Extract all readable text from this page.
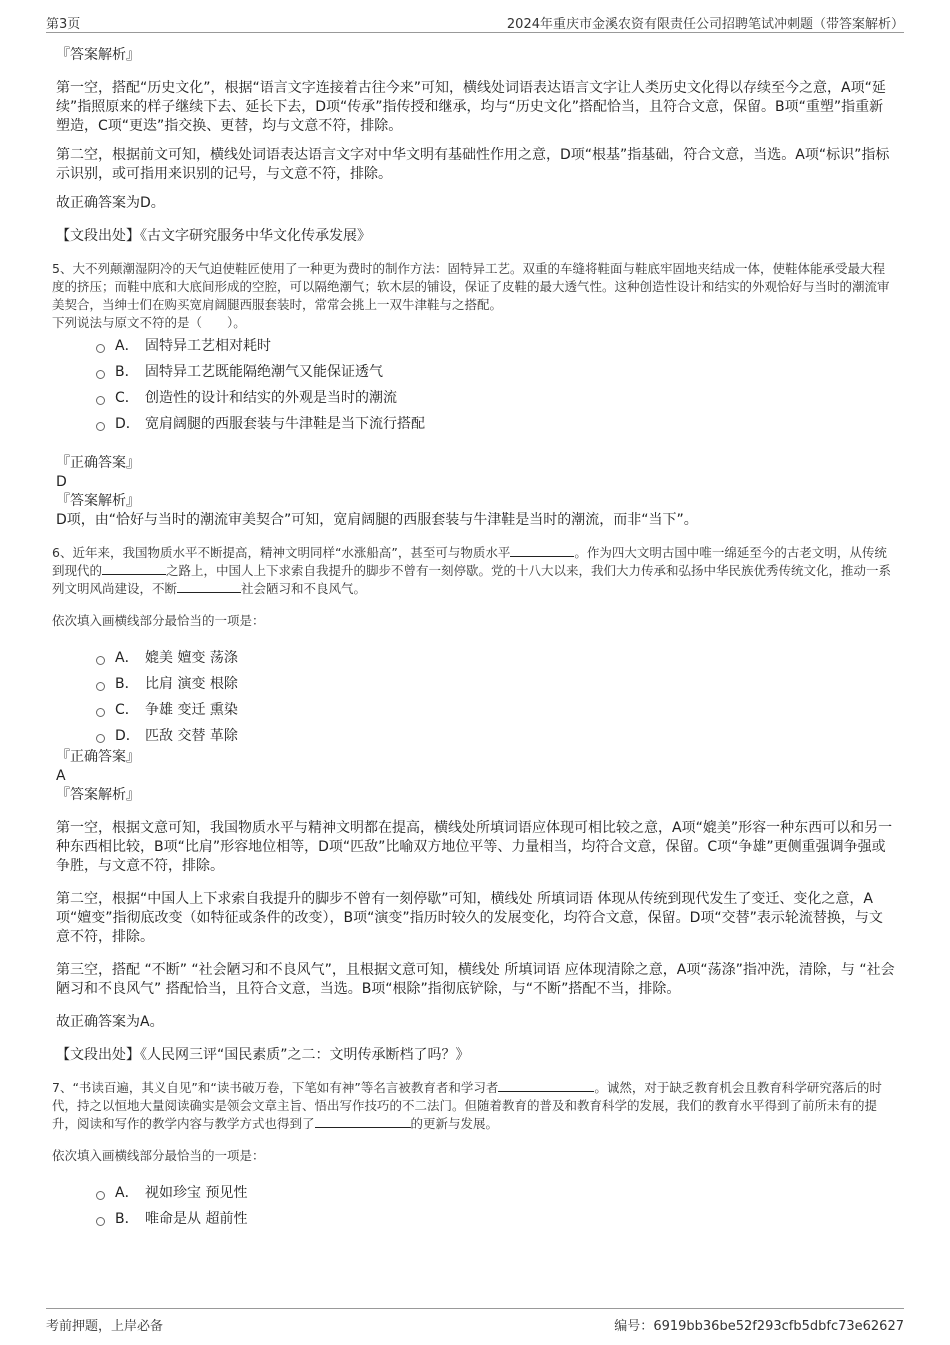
第3页	2024年重庆市金溪农资有限责任公司招聘笔试冲刺题（带答案解析）

『答案解析』

第一空，搭配“历史文化”，根据“语言文字连接着古往今来”可知，横线处词语表达语言文字让人类历史文化得以存续至今之意，A项“延续”指照原来的样子继续下去、延长下去，D项“传承”指传授和继承，均与“历史文化”搭配恰当，且符合文意，保留。B项“重塑”指重新塑造，C项“更迭”指交换、更替，均与文意不符，排除。

第二空，根据前文可知，横线处词语表达语言文字对中华文明有基础性作用之意，D项“根基”指基础，符合文意，当选。A项“标识”指标示识别，或可指用来识别的记号，与文意不符，排除。

故正确答案为D。

【文段出处】《古文字研究服务中华文化传承发展》

5、大不列颠潮湿阴冷的天气迫使鞋匠使用了一种更为费时的制作方法：固特异工艺。双重的车缝将鞋面与鞋底牢固地夹结成一体，使鞋体能承受最大程度的挤压；而鞋中底和大底间形成的空腔，可以隔绝潮气；软木层的铺设，保证了皮鞋的最大透气性。这种创造性设计和结实的外观恰好与当时的潮流审美契合，当绅士们在购买宽肩阔腿西服套装时，常常会挑上一双牛津鞋与之搭配。

下列说法与原文不符的是（　　）。

A． 固特异工艺相对耗时
B． 固特异工艺既能隔绝潮气又能保证透气
C． 创造性的设计和结实的外观是当时的潮流
D． 宽肩阔腿的西服套装与牛津鞋是当下流行搭配

『正确答案』

D

『答案解析』

D项，由“恰好与当时的潮流审美契合”可知，宽肩阔腿的西服套装与牛津鞋是当时的潮流，而非“当下”。

6、近年来，我国物质水平不断提高，精神文明同样“水涨船高”，甚至可与物质水平	。作为四大文明古国中唯一绵延至今的古老文明，从传统到现代的	之路上，中国人上下求索自我提升的脚步不曾有一刻停歇。党的十八大以来，我们大力传承和弘扬中华民族优秀传统文化，推动一系列文明风尚建设，不断	社会陋习和不良风气。

依次填入画横线部分最恰当的一项是：

A． 媲美 嬗变 荡涤
B． 比肩 演变 根除
C． 争雄 变迁 熏染
D． 匹敌 交替 革除

『正确答案』

A

『答案解析』

第一空，根据文意可知，我国物质水平与精神文明都在提高，横线处所填词语应体现可相比较之意，A项“媲美”形容一种东西可以和另一种东西相比较，B项“比肩”形容地位相等，D项“匹敌”比喻双方地位平等、力量相当，均符合文意，保留。C项“争雄”更侧重强调争强或争胜，与文意不符，排除。

第二空，根据“中国人上下求索自我提升的脚步不曾有一刻停歇”可知，横线处 所填词语 体现从传统到现代发生了变迁、变化之意，A项“嬗变”指彻底改变（如特征或条件的改变），B项“演变”指历时较久的发展变化，均符合文意，保留。D项“交替”表示轮流替换，与文意不符，排除。

第三空，搭配 “不断” “社会陋习和不良风气”，且根据文意可知，横线处 所填词语 应体现清除之意，A项“荡涤”指冲洗，清除，与 “社会陋习和不良风气” 搭配恰当，且符合文意，当选。B项“根除”指彻底铲除，与“不断”搭配不当，排除。

故正确答案为A。

【文段出处】《人民网三评“国民素质”之二：文明传承断档了吗？》

7、“书读百遍，其义自见”和“读书破万卷，下笔如有神”等名言被教育者和学习者	。诚然，对于缺乏教育机会且教育科学研究落后的时代，持之以恒地大量阅读确实是领会文章主旨、悟出写作技巧的不二法门。但随着教育的普及和教育科学的发展，我们的教育水平得到了前所未有的提升，阅读和写作的教学内容与教学方式也得到了	的更新与发展。

依次填入画横线部分最恰当的一项是：

A． 视如珍宝 预见性
B． 唯命是从 超前性
考前押题，上岸必备	编号：6919bb36be52f293cfb5dbfc73e62627
